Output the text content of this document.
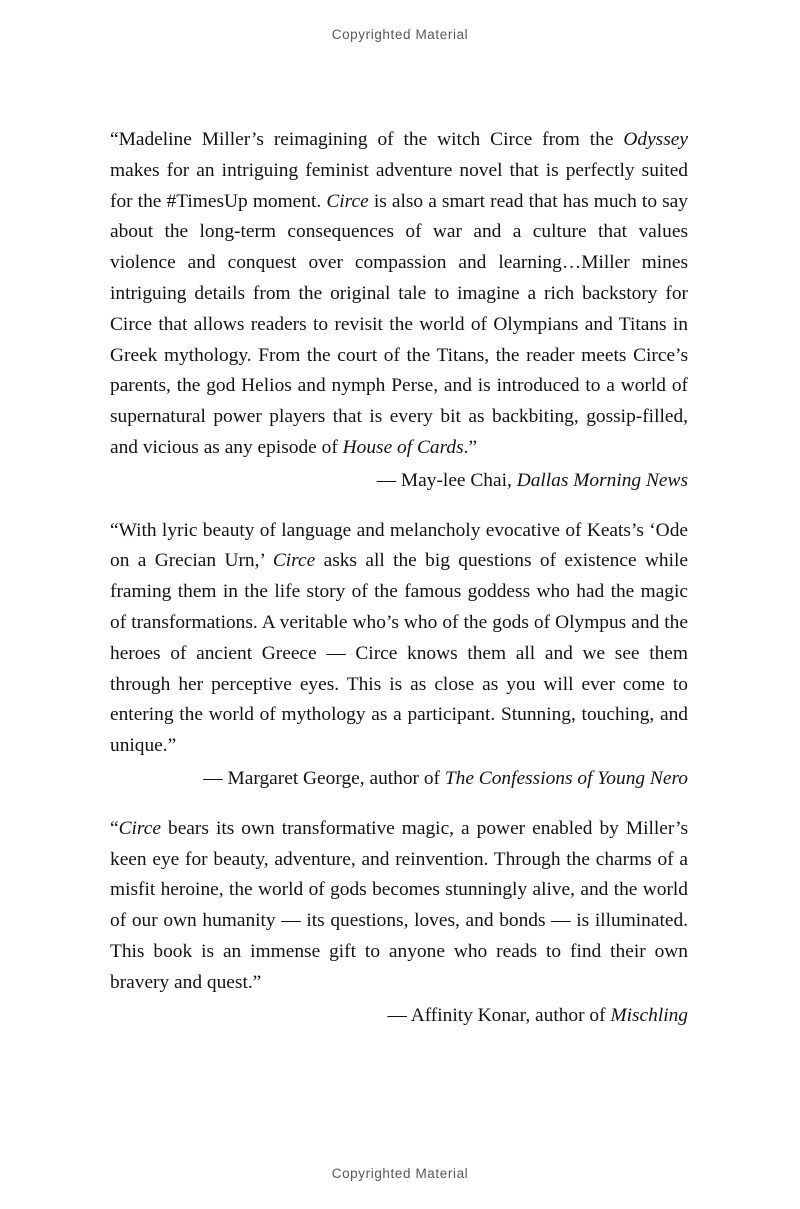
Copyrighted Material

“Madeline Miller’s reimagining of the witch Circe from the Odyssey makes for an intriguing feminist adventure novel that is perfectly suited for the #TimesUp moment. Circe is also a smart read that has much to say about the long-term consequences of war and a culture that values violence and conquest over compassion and learning…Miller mines intriguing details from the original tale to imagine a rich backstory for Circe that allows readers to revisit the world of Olympians and Titans in Greek mythology. From the court of the Titans, the reader meets Circe’s parents, the god Helios and nymph Perse, and is introduced to a world of supernatural power players that is every bit as backbiting, gossip-filled, and vicious as any episode of House of Cards.”

— May-lee Chai, Dallas Morning News

“With lyric beauty of language and melancholy evocative of Keats’s ‘Ode on a Grecian Urn,’ Circe asks all the big questions of existence while framing them in the life story of the famous goddess who had the magic of transformations. A veritable who’s who of the gods of Olympus and the heroes of ancient Greece — Circe knows them all and we see them through her perceptive eyes. This is as close as you will ever come to entering the world of mythology as a participant. Stunning, touching, and unique.”

— Margaret George, author of The Confessions of Young Nero

“Circe bears its own transformative magic, a power enabled by Miller’s keen eye for beauty, adventure, and reinvention. Through the charms of a misfit heroine, the world of gods becomes stunningly alive, and the world of our own humanity — its questions, loves, and bonds — is illuminated. This book is an immense gift to anyone who reads to find their own bravery and quest.”

— Affinity Konar, author of Mischling
Copyrighted Material
